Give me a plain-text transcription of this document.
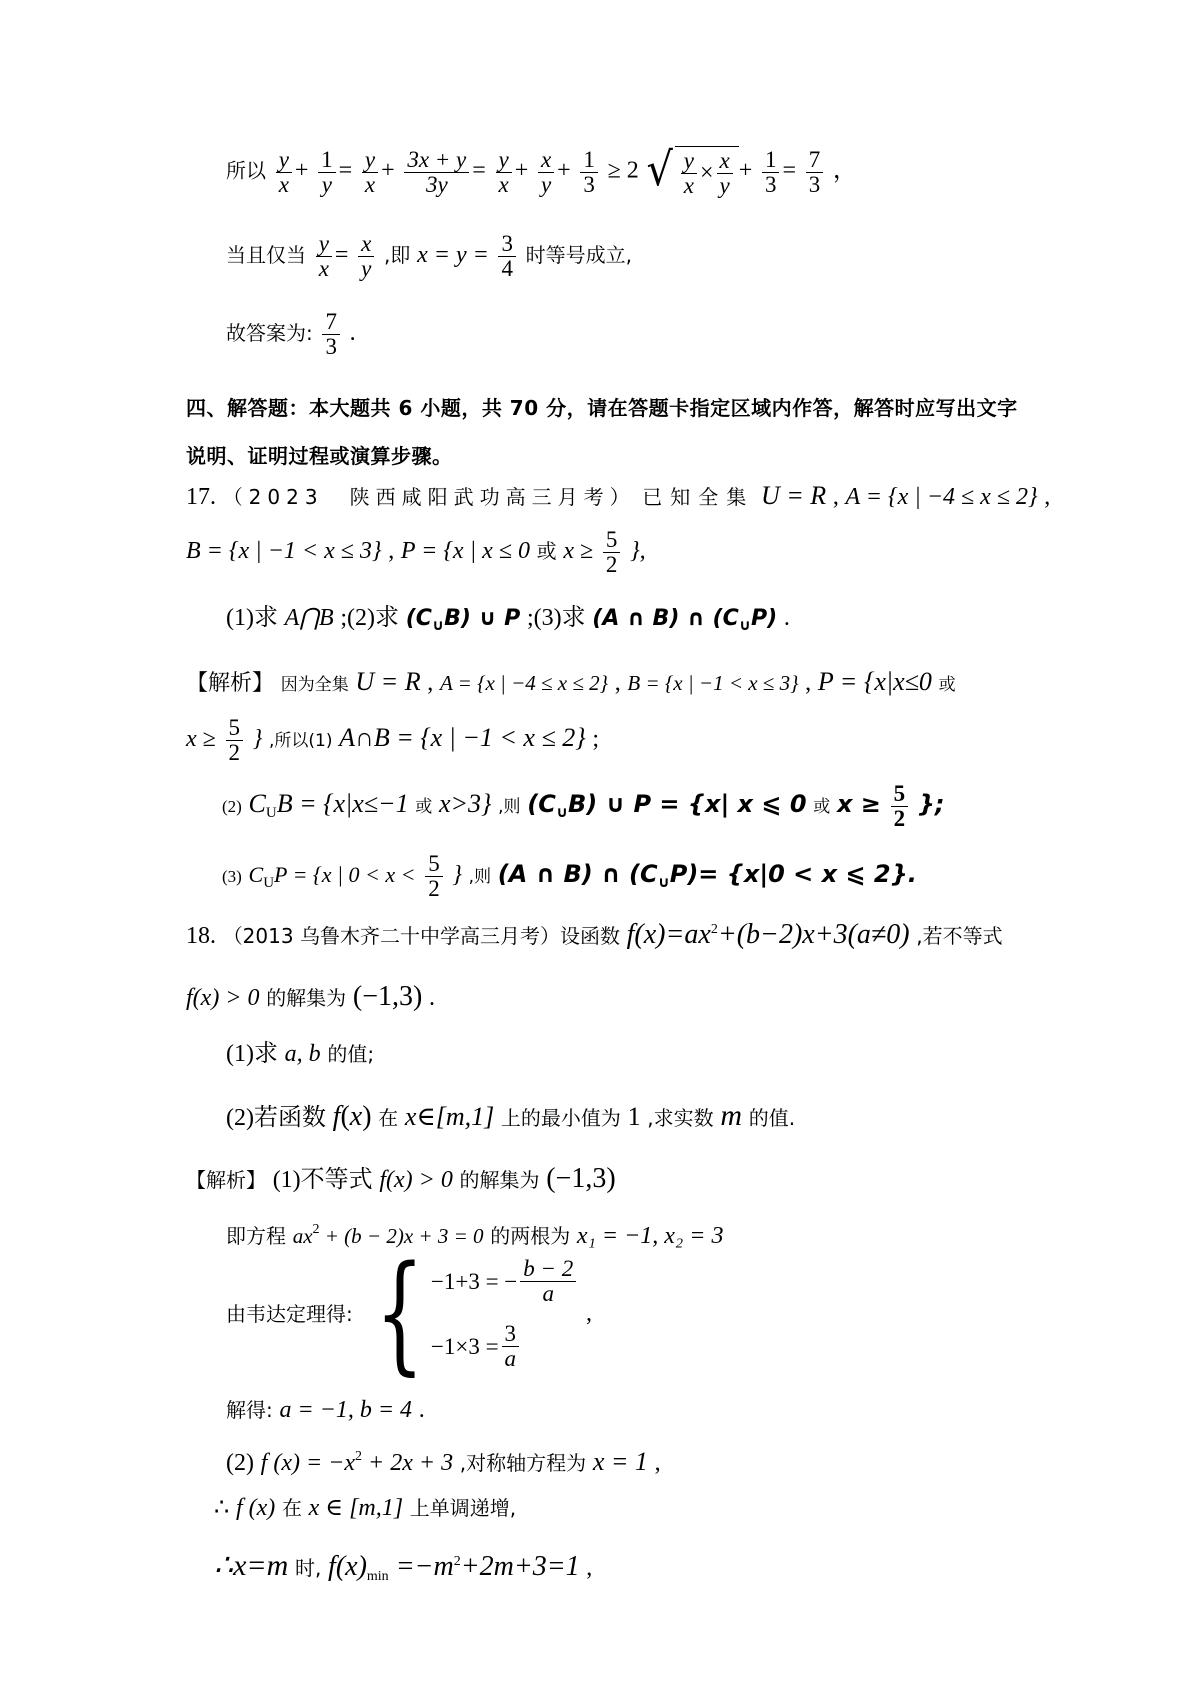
所以 $\frac{y}{x} + \frac{1}{y} = \frac{y}{x} + \frac{3x + y}{3y} = \frac{y}{x} + \frac{x}{y} + \frac{1}{3} \ge 2$ √ $\frac{y}{x} \times \frac{x}{y} + \frac{1}{3} = \frac{7}{3}$ ，
当且仅当 $\frac{y}{x} = \frac{x}{y}$ ,即 $x = y = \frac{3}{4}$ 时等号成立,
故答案为: $\frac{7}{3}$ .
四、解答题：本大题共 6 小题，共 70 分，请在答题卡指定区域内作答，解答时应写出文字
说明、证明过程或演算步骤。
17. （2023　陕西咸阳武功高三月考） 已知全集 U = R , A = {x | −4 ≤ x ≤ 2} ,
B = {x | −1 < x ≤ 3} , P = {x | x ≤ 0 或 $x \ge \frac{5}{2}$ },
(1)求 A⋂B ;(2)求 $(C_\cup B)$ ∪ P ;(3)求 (A ∩ B) ∩ $(C_\cup P)$ .
【解析】 因为全集 U = R , A = {x | −4 ≤ x ≤ 2} , B = {x | −1 < x ≤ 3} , P = {x|x≤0 或
$x \ge \frac{5}{2}$ } ,所以(1) A∩B = {x | −1 < x ≤ 2} ;
(2) $C_UB = \{x|x\le-1$ 或 x>3} ,则 $(C_\cup B)$ ∪ P = {x| x ⩽ 0 或 $x \ge \frac{5}{2}$ };
(3) $C_UP = \{x$ | $0 < x < \frac{5}{2}$ } ,则 (A ∩ B) ∩ $(C_\cup P)= \{x|0 < x$ ⩽ 2}.
18. （2013 乌鲁木齐二十中学高三月考）设函数 $f(x)=ax^2+(b-2)x+3(a\ne 0)$ ,若不等式
f(x) > 0 的解集为 (−1,3) .
(1)求 a, b 的值;
(2)若函数 f(x) 在 x∈[m,1] 上的最小值为 1 ,求实数 m 的值.
【解析】 (1)不等式 f(x) > 0 的解集为 (−1,3)
即方程 $ax^2 + (b - 2)x + 3 = 0$ 的两根为 x₁ = −1, x₂ = 3
由韦达定理得: { −1+3 = − $\frac{b - 2}{a}$
$-1\times 3 = \frac{3}{a}$
,
解得: a = −1, b = 4 .
(2) f $(x) = -x^2 + 2x + 3$ ,对称轴方程为 x = 1 ,
∴ f (x) 在 x ∈ [m,1] 上单调递增,
∴x=m 时, $f(x)_{min} =-m^2+2m+3=1$ ,
